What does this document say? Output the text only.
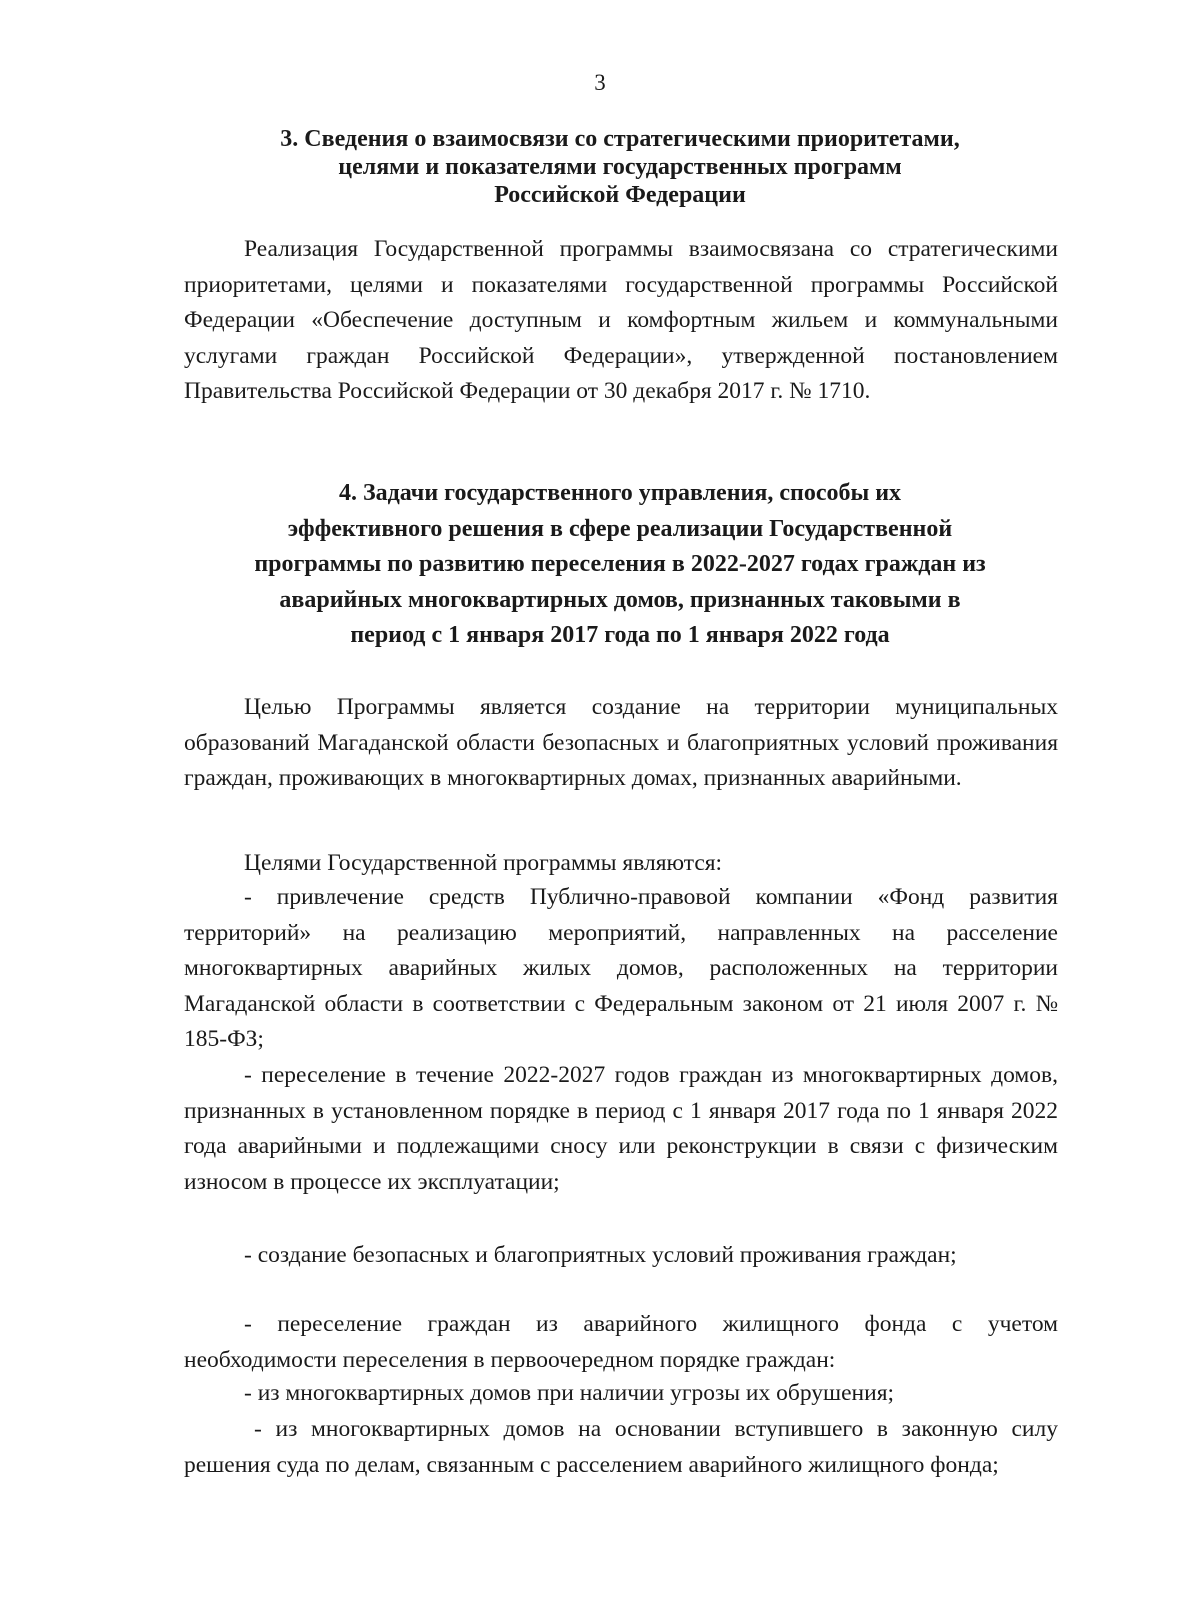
3
3. Сведения о взаимосвязи со стратегическими приоритетами,
целями и показателями государственных программ
Российской Федерации

Реализация Государственной программы взаимосвязана со стратегическими приоритетами, целями и показателями государственной программы Российской Федерации «Обеспечение доступным и комфортным жильем и коммунальными услугами граждан Российской Федерации», утвержденной постановлением Правительства Российской Федерации от 30 декабря 2017 г. № 1710.

4. Задачи государственного управления, способы их
эффективного решения в сфере реализации Государственной
программы по развитию переселения в 2022-2027 годах граждан из
аварийных многоквартирных домов, признанных таковыми в
период с 1 января 2017 года по 1 января 2022 года

Целью Программы является создание на территории муниципальных образований Магаданской области безопасных и благоприятных условий проживания граждан, проживающих в многоквартирных домах, признанных аварийными.

Целями Государственной программы являются:

- привлечение средств Публично-правовой компании «Фонд развития территорий» на реализацию мероприятий, направленных на расселение многоквартирных аварийных жилых домов, расположенных на территории Магаданской области в соответствии с Федеральным законом от 21 июля 2007 г. № 185-ФЗ;

- переселение в течение 2022-2027 годов граждан из многоквартирных домов, признанных в установленном порядке в период с 1 января 2017 года по 1 января 2022 года аварийными и подлежащими сносу или реконструкции в связи с физическим износом в процессе их эксплуатации;

- создание безопасных и благоприятных условий проживания граждан;

- переселение граждан из аварийного жилищного фонда с учетом необходимости переселения в первоочередном порядке граждан:

- из многоквартирных домов при наличии угрозы их обрушения;

- из многоквартирных домов на основании вступившего в законную силу решения суда по делам, связанным с расселением аварийного жилищного фонда;
